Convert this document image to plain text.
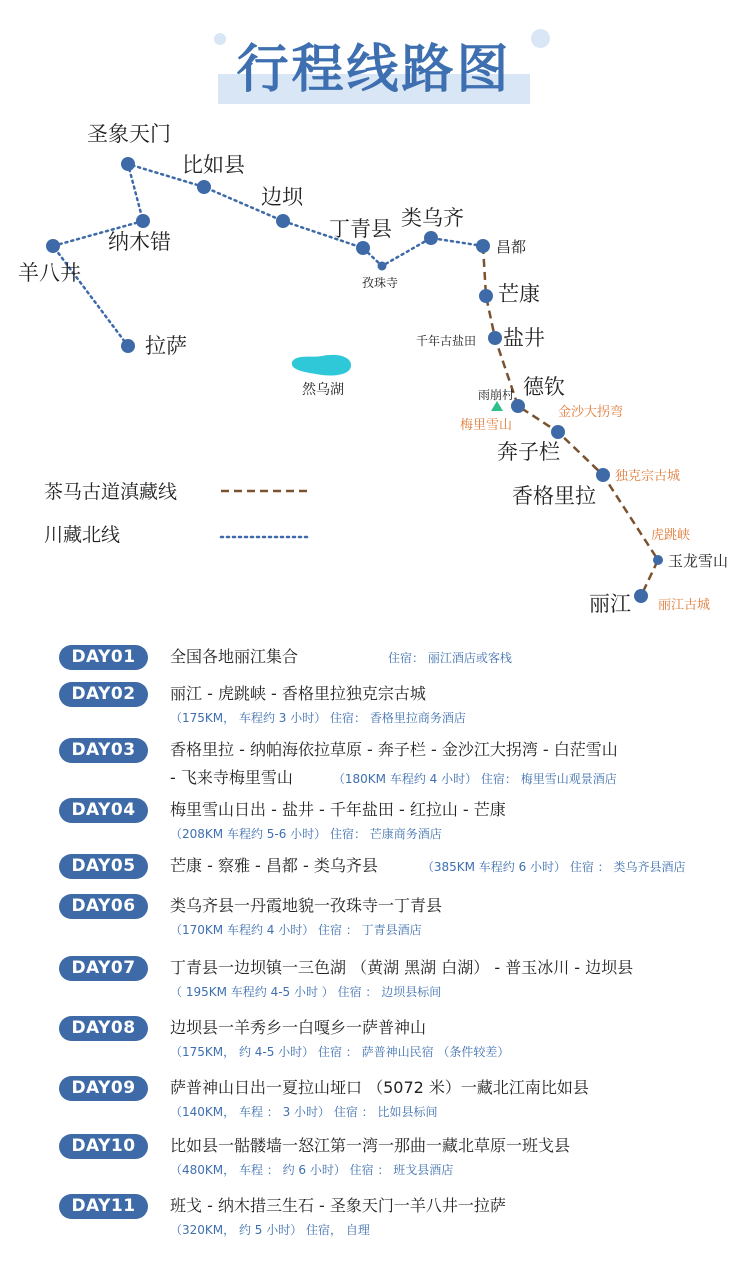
行程线路图
圣象天门
比如县
边坝
丁青县 类乌齐
昌都
纳木错
羊八井
拉萨
芒康
盐井
德钦
奔子栏
香格里拉
丽江
孜珠寺
千年古盐田
雨崩村
然乌湖
梅里雪山
金沙大拐弯
独克宗古城
虎跳峡
玉龙雪山
丽江古城
茶马古道滇藏线
川藏北线
DAY01	全国各地丽江集合	住宿： 丽江酒店或客栈
DAY02	丽江 - 虎跳峡 - 香格里拉独克宗古城
（175KM， 车程约 3 小时） 住宿： 香格里拉商务酒店
DAY03	香格里拉 - 纳帕海依拉草原 - 奔子栏 - 金沙江大拐湾 - 白茫雪山
- 飞来寺梅里雪山	（180KM 车程约 4 小时） 住宿： 梅里雪山观景酒店
DAY04	梅里雪山日出 - 盐井 - 千年盐田 - 红拉山 - 芒康
（208KM 车程约 5-6 小时） 住宿： 芒康商务酒店
DAY05	芒康 - 察雅 - 昌都 - 类乌齐县	（385KM 车程约 6 小时） 住宿 ： 类乌齐县酒店
DAY06	类乌齐县一丹霞地貌一孜珠寺一丁青县
（170KM 车程约 4 小时） 住宿 ： 丁青县酒店
DAY07	丁青县一边坝镇一三色湖 （黄湖 黑湖 白湖） - 普玉冰川 - 边坝县
（ 195KM 车程约 4-5 小时 ） 住宿 ： 边坝县标间
DAY08	边坝县一羊秀乡一白嘎乡一萨普神山
（175KM， 约 4-5 小时） 住宿 ： 萨普神山民宿 （条件较差）
DAY09	萨普神山日出一夏拉山垭口 （5072 米）一藏北江南比如县
（140KM， 车程 ： 3 小时） 住宿 ： 比如县标间
DAY10	比如县一骷髅墙一怒江第一湾一那曲一藏北草原一班戈县
（480KM， 车程 ： 约 6 小时） 住宿 ： 班戈县酒店
DAY11	班戈 - 纳木措三生石 - 圣象天门一羊八井一拉萨
（320KM， 约 5 小时） 住宿， 自理
